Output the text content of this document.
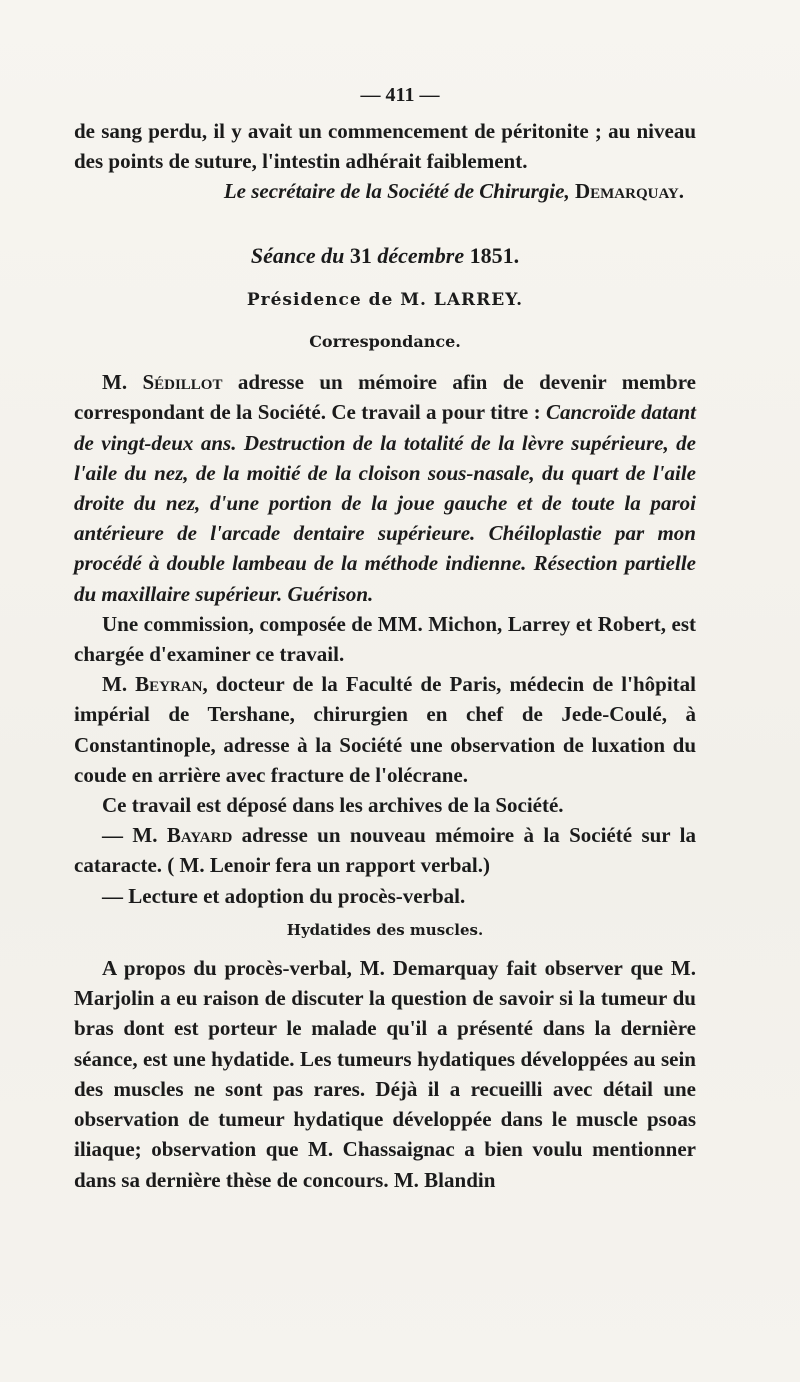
— 411 —

de sang perdu, il y avait un commencement de péritonite ; au niveau des points de suture, l'intestin adhérait faiblement.

Le secrétaire de la Société de Chirurgie, Demarquay.

Séance du 31 décembre 1851.

Présidence de M. LARREY.

Correspondance.

M. Sédillot adresse un mémoire afin de devenir membre correspondant de la Société. Ce travail a pour titre : Cancroïde datant de vingt-deux ans. Destruction de la totalité de la lèvre supérieure, de l'aile du nez, de la moitié de la cloison sous-nasale, du quart de l'aile droite du nez, d'une portion de la joue gauche et de toute la paroi antérieure de l'arcade dentaire supérieure. Chéiloplastie par mon procédé à double lambeau de la méthode indienne. Résection partielle du maxillaire supérieur. Guérison.

Une commission, composée de MM. Michon, Larrey et Robert, est chargée d'examiner ce travail.

M. Beyran, docteur de la Faculté de Paris, médecin de l'hôpital impérial de Tershane, chirurgien en chef de Jede-Coulé, à Constantinople, adresse à la Société une observation de luxation du coude en arrière avec fracture de l'olécrane.

Ce travail est déposé dans les archives de la Société.

— M. Bayard adresse un nouveau mémoire à la Société sur la cataracte. ( M. Lenoir fera un rapport verbal.)

— Lecture et adoption du procès-verbal.

Hydatides des muscles.

A propos du procès-verbal, M. Demarquay fait observer que M. Marjolin a eu raison de discuter la question de savoir si la tumeur du bras dont est porteur le malade qu'il a présenté dans la dernière séance, est une hydatide. Les tumeurs hydatiques développées au sein des muscles ne sont pas rares. Déjà il a recueilli avec détail une observation de tumeur hydatique développée dans le muscle psoas iliaque; observation que M. Chassaignac a bien voulu mentionner dans sa dernière thèse de concours. M. Blandin
